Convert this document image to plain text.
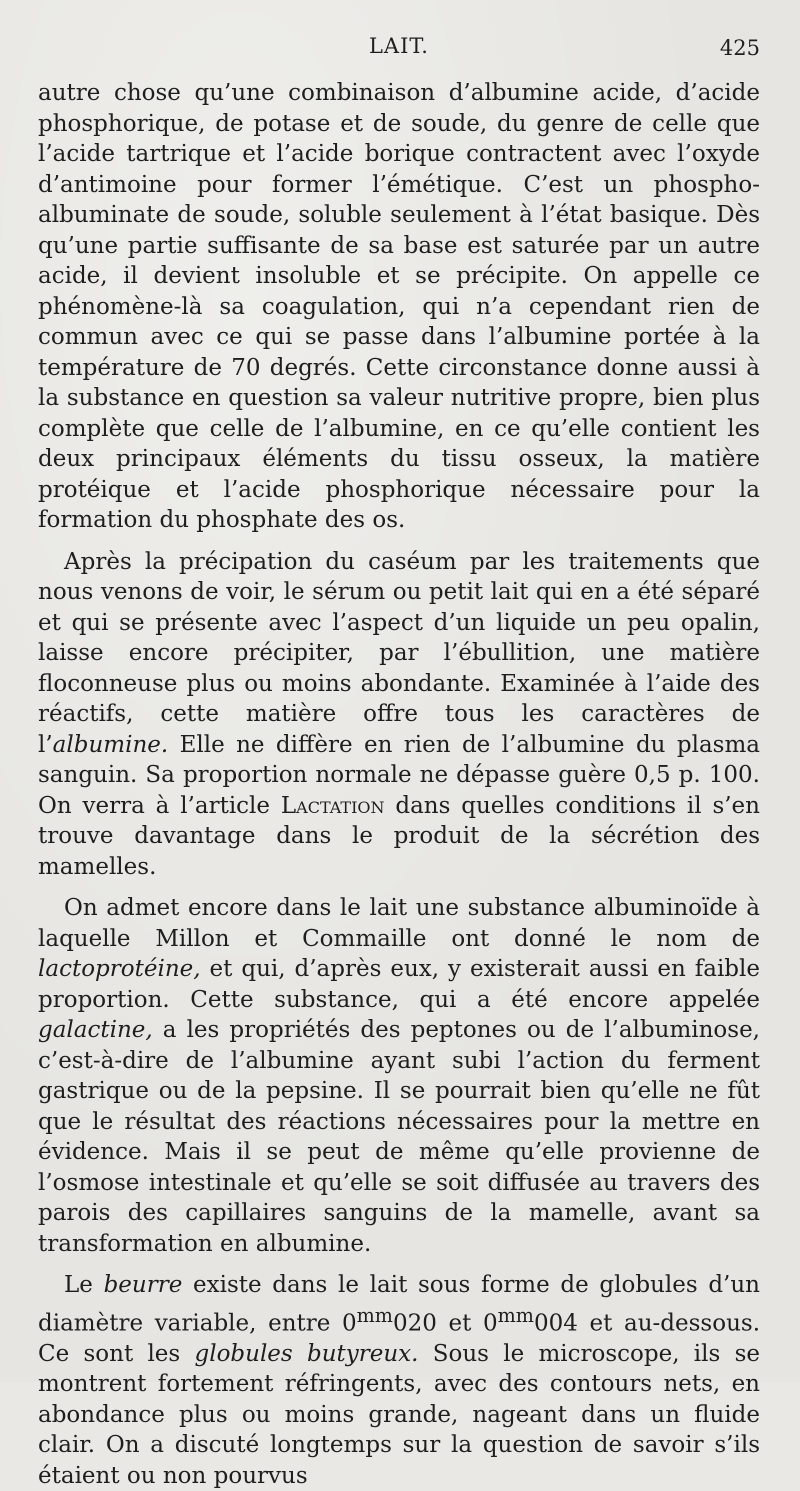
LAIT.	425

autre chose qu’une combinaison d’albumine acide, d’acide phosphorique, de potase et de soude, du genre de celle que l’acide tartrique et l’acide borique contractent avec l’oxyde d’antimoine pour former l’émétique. C’est un phospho-albuminate de soude, soluble seulement à l’état basique. Dès qu’une partie suffisante de sa base est saturée par un autre acide, il devient insoluble et se précipite. On appelle ce phénomène-là sa coagulation, qui n’a cependant rien de commun avec ce qui se passe dans l’albumine portée à la température de 70 degrés. Cette circonstance donne aussi à la substance en question sa valeur nutritive propre, bien plus complète que celle de l’albumine, en ce qu’elle contient les deux principaux éléments du tissu osseux, la matière protéique et l’acide phosphorique nécessaire pour la formation du phosphate des os.

Après la précipation du caséum par les traitements que nous venons de voir, le sérum ou petit lait qui en a été séparé et qui se présente avec l’aspect d’un liquide un peu opalin, laisse encore précipiter, par l’ébullition, une matière floconneuse plus ou moins abondante. Examinée à l’aide des réactifs, cette matière offre tous les caractères de l’albumine. Elle ne diffère en rien de l’albumine du plasma sanguin. Sa proportion normale ne dépasse guère 0,5 p. 100. On verra à l’article Lactation dans quelles conditions il s’en trouve davantage dans le produit de la sécrétion des mamelles.

On admet encore dans le lait une substance albuminoïde à laquelle Millon et Commaille ont donné le nom de lactoprotéine, et qui, d’après eux, y existerait aussi en faible proportion. Cette substance, qui a été encore appelée galactine, a les propriétés des peptones ou de l’albuminose, c’est-à-dire de l’albumine ayant subi l’action du ferment gastrique ou de la pepsine. Il se pourrait bien qu’elle ne fût que le résultat des réactions nécessaires pour la mettre en évidence. Mais il se peut de même qu’elle provienne de l’osmose intestinale et qu’elle se soit diffusée au travers des parois des capillaires sanguins de la mamelle, avant sa transformation en albumine.

Le beurre existe dans le lait sous forme de globules d’un diamètre variable, entre $0^{mm}020$ et $0^{mm}004$ et au-dessous. Ce sont les globules butyreux. Sous le microscope, ils se montrent fortement réfringents, avec des contours nets, en abondance plus ou moins grande, nageant dans un fluide clair. On a discuté longtemps sur la question de savoir s’ils étaient ou non pourvus
